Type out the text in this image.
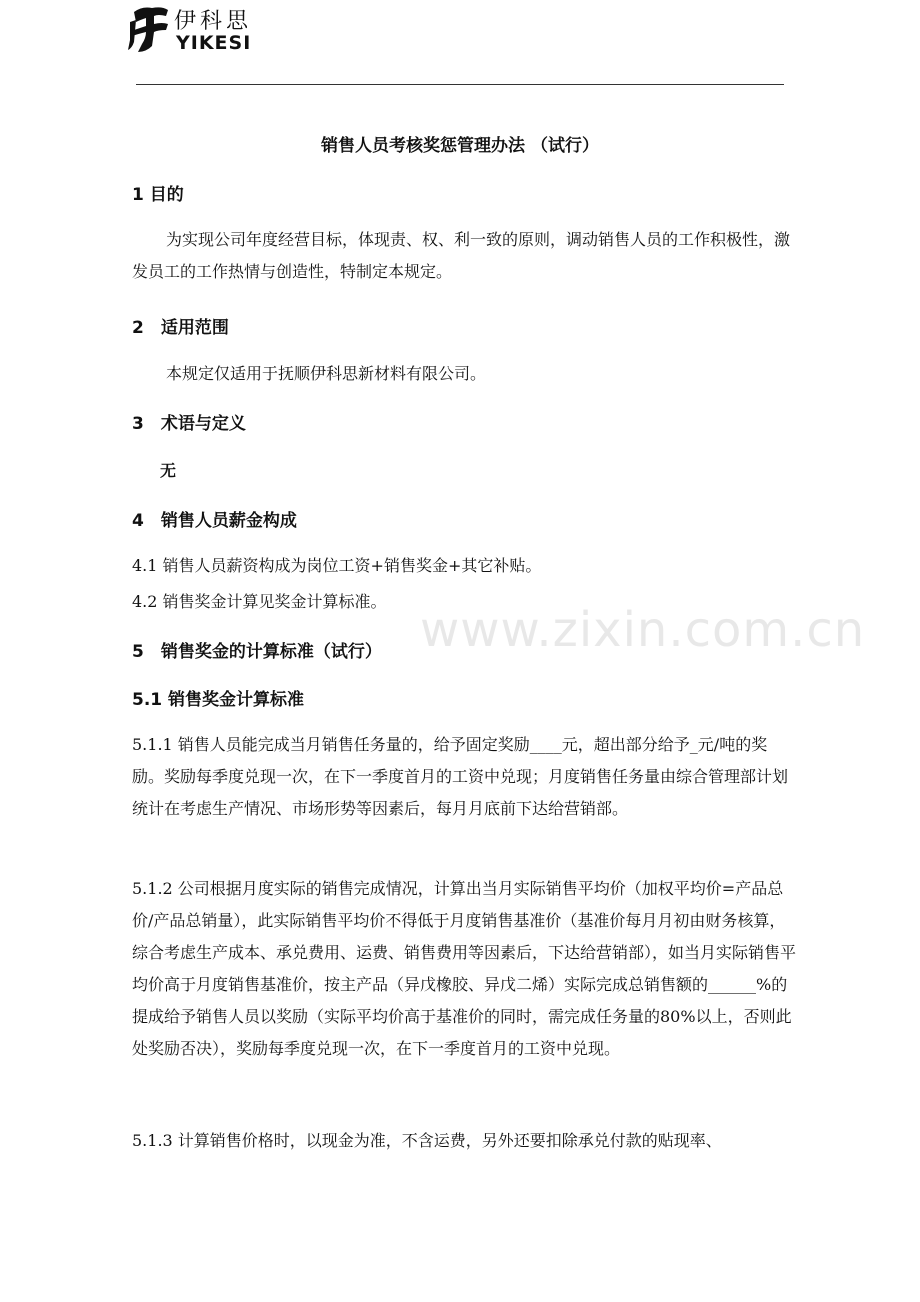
伊科思
YIKESI
www.zixin.com.cn
销售人员考核奖惩管理办法 （试行）
1 目的
为实现公司年度经营目标，体现责、权、利一致的原则，调动销售人员的工作积极性，激发员工的工作热情与创造性，特制定本规定。
2　适用范围
本规定仅适用于抚顺伊科思新材料有限公司。
3　术语与定义
无
4　销售人员薪金构成
4.1 销售人员薪资构成为岗位工资+销售奖金+其它补贴。
4.2 销售奖金计算见奖金计算标准。
5　销售奖金的计算标准（试行）
5.1 销售奖金计算标准
5.1.1 销售人员能完成当月销售任务量的，给予固定奖励____元，超出部分给予_元/吨的奖励。奖励每季度兑现一次，在下一季度首月的工资中兑现；月度销售任务量由综合管理部计划统计在考虑生产情况、市场形势等因素后，每月月底前下达给营销部。
5.1.2 公司根据月度实际的销售完成情况，计算出当月实际销售平均价（加权平均价=产品总价/产品总销量），此实际销售平均价不得低于月度销售基准价（基准价每月月初由财务核算，综合考虑生产成本、承兑费用、运费、销售费用等因素后，下达给营销部），如当月实际销售平均价高于月度销售基准价，按主产品（异戊橡胶、异戊二烯）实际完成总销售额的______%的提成给予销售人员以奖励（实际平均价高于基准价的同时，需完成任务量的80%以上，否则此处奖励否决），奖励每季度兑现一次，在下一季度首月的工资中兑现。
5.1.3 计算销售价格时，以现金为准，不含运费，另外还要扣除承兑付款的贴现率、
